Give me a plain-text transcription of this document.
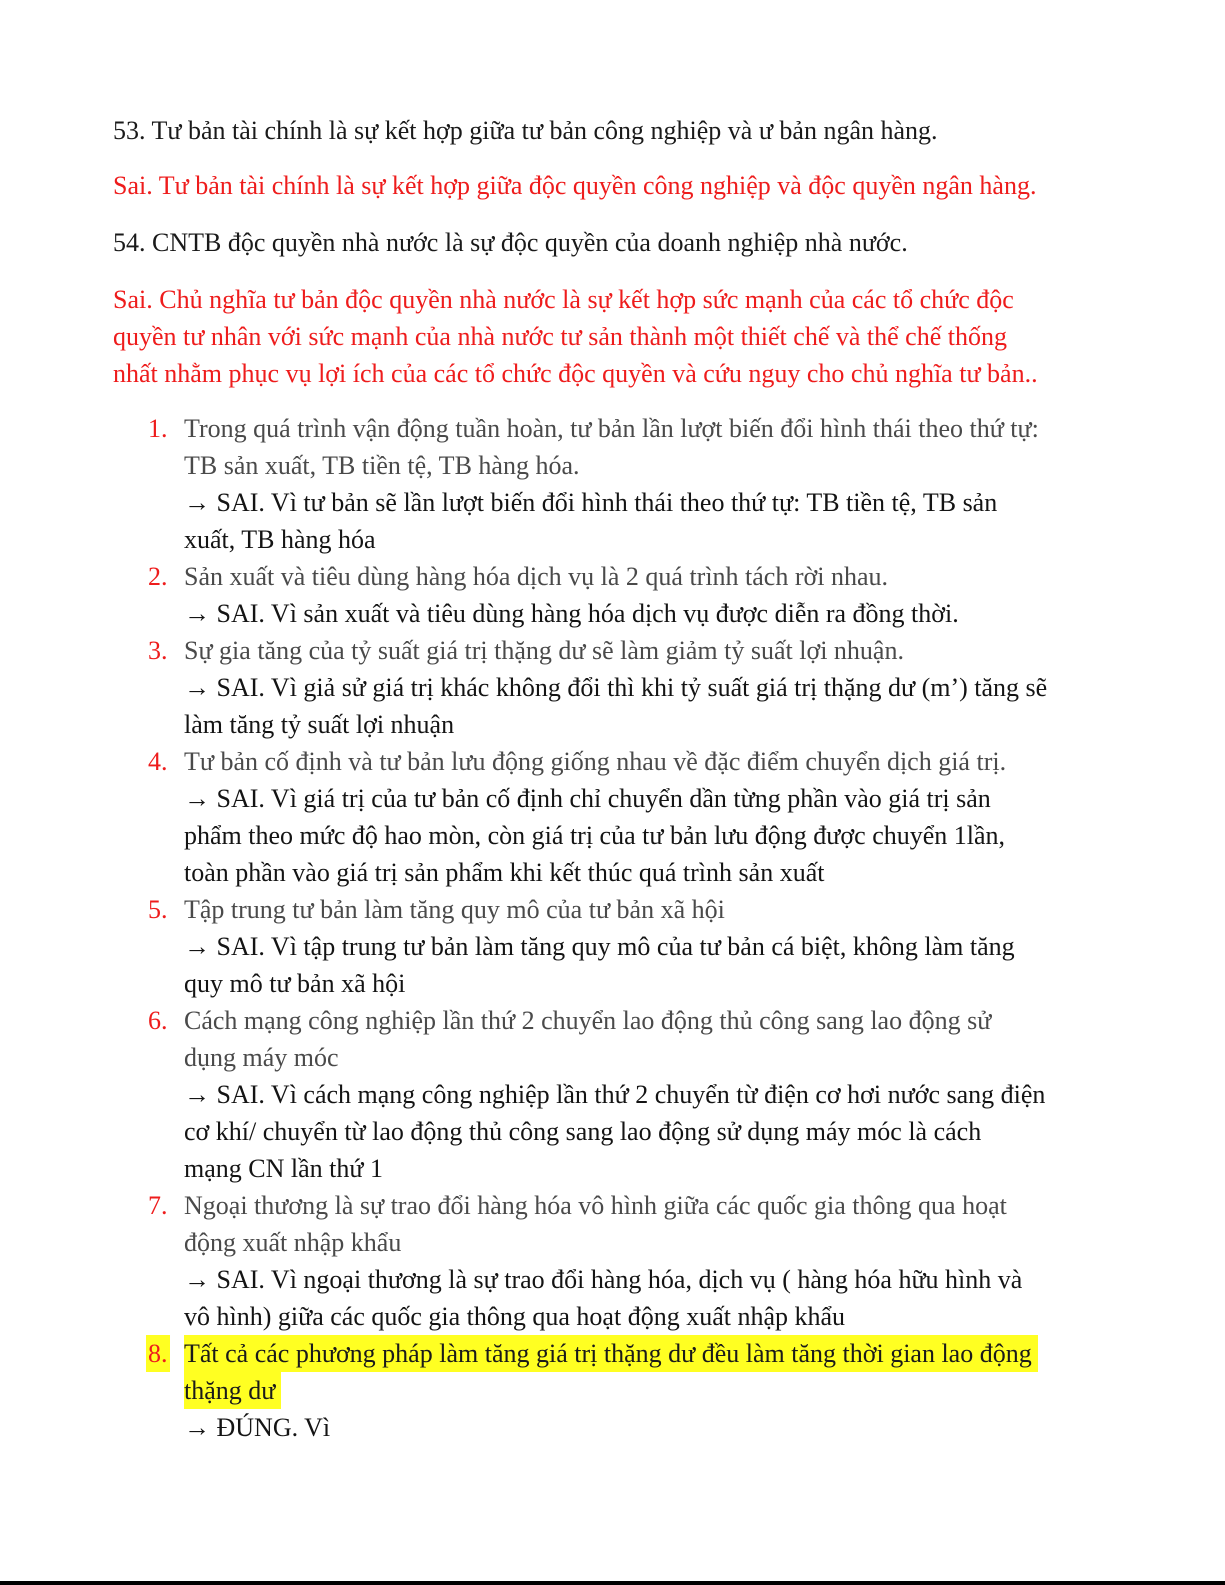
53. Tư bản tài chính là sự kết hợp giữa tư bản công nghiệp và ư bản ngân hàng.

Sai. Tư bản tài chính là sự kết hợp giữa độc quyền công nghiệp và độc quyền ngân hàng.

54. CNTB độc quyền nhà nước là sự độc quyền của doanh nghiệp nhà nước.

Sai. Chủ nghĩa tư bản độc quyền nhà nước là sự kết hợp sức mạnh của các tổ chức độc
quyền tư nhân với sức mạnh của nhà nước tư sản thành một thiết chế và thể chế thống
nhất nhằm phục vụ lợi ích của các tổ chức độc quyền và cứu nguy cho chủ nghĩa tư bản..

1. Trong quá trình vận động tuần hoàn, tư bản lần lượt biến đổi hình thái theo thứ tự:
TB sản xuất, TB tiền tệ, TB hàng hóa.
→ SAI. Vì tư bản sẽ lần lượt biến đổi hình thái theo thứ tự: TB tiền tệ, TB sản
xuất, TB hàng hóa
2. Sản xuất và tiêu dùng hàng hóa dịch vụ là 2 quá trình tách rời nhau.
→ SAI. Vì sản xuất và tiêu dùng hàng hóa dịch vụ được diễn ra đồng thời.
3. Sự gia tăng của tỷ suất giá trị thặng dư sẽ làm giảm tỷ suất lợi nhuận.
→ SAI. Vì giả sử giá trị khác không đổi thì khi tỷ suất giá trị thặng dư (m’) tăng sẽ
làm tăng tỷ suất lợi nhuận
4. Tư bản cố định và tư bản lưu động giống nhau về đặc điểm chuyển dịch giá trị.
→ SAI. Vì giá trị của tư bản cố định chỉ chuyển dần từng phần vào giá trị sản
phẩm theo mức độ hao mòn, còn giá trị của tư bản lưu động được chuyển 1lần,
toàn phần vào giá trị sản phẩm khi kết thúc quá trình sản xuất
5. Tập trung tư bản làm tăng quy mô của tư bản xã hội
→ SAI. Vì tập trung tư bản làm tăng quy mô của tư bản cá biệt, không làm tăng
quy mô tư bản xã hội
6. Cách mạng công nghiệp lần thứ 2 chuyển lao động thủ công sang lao động sử
dụng máy móc
→ SAI. Vì cách mạng công nghiệp lần thứ 2 chuyển từ điện cơ hơi nước sang điện
cơ khí/ chuyển từ lao động thủ công sang lao động sử dụng máy móc là cách
mạng CN lần thứ 1
7. Ngoại thương là sự trao đổi hàng hóa vô hình giữa các quốc gia thông qua hoạt
động xuất nhập khẩu
→ SAI. Vì ngoại thương là sự trao đổi hàng hóa, dịch vụ ( hàng hóa hữu hình và
vô hình) giữa các quốc gia thông qua hoạt động xuất nhập khẩu
8. Tất cả các phương pháp làm tăng giá trị thặng dư đều làm tăng thời gian lao động
thặng dư
→ ĐÚNG. Vì
